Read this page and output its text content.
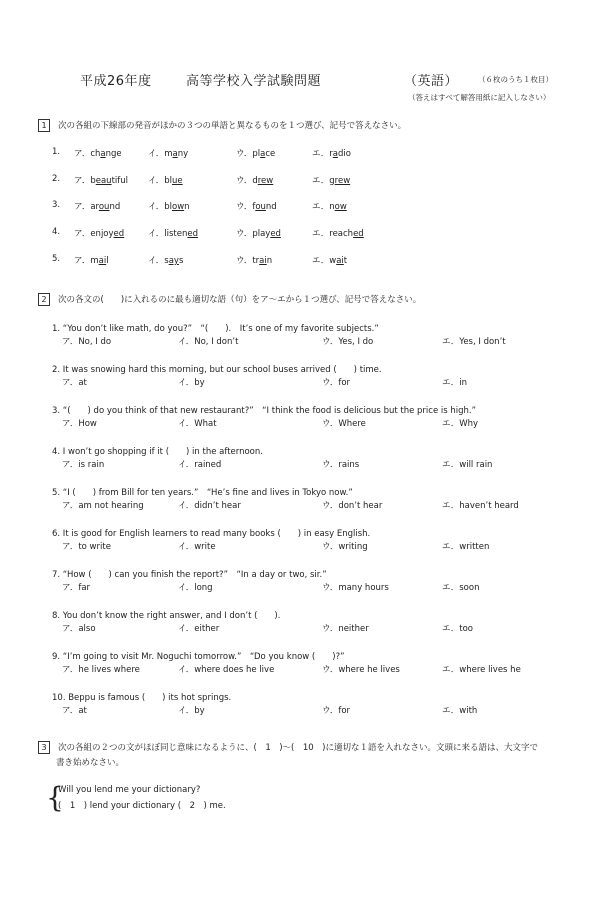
平成26年度	高等学校入学試験問題	（英語）	（６枚のうち１枚目）
（答えはすべて解答用紙に記入しなさい）
1 次の各組の下線部の発音がほかの３つの単語と異なるものを１つ選び、記号で答えなさい。
1. ア．change	イ．many	ウ．place	エ．radio
2. ア．beautiful イ．blue	ウ．drew	エ．grew
3. ア．around	イ．blown	ウ．found	エ．now
4. ア．enjoyed	イ．listened	ウ．played	エ．reached
5. ア．mail	イ．says	ウ．train	エ．wait
2 次の各文の(　　)に入れるのに最も適切な語（句）をア～エから１つ選び、記号で答えなさい。
1. “You don’t like math, do you?”　“(　　).　It’s one of my favorite subjects.”
ア．No, I do	イ．No, I don’t	ウ．Yes, I do	エ．Yes, I don’t
2. It was snowing hard this morning, but our school buses arrived (　　) time.
ア．at	イ．by	ウ．for	エ．in
3. “(　　) do you think of that new restaurant?”　“I think the food is delicious but the price is high.”
ア．How	イ．What	ウ．Where	エ．Why
4. I won’t go shopping if it (　　) in the afternoon.
ア．is rain	イ．rained	ウ．rains	エ．will rain
5. “I (　　) from Bill for ten years.”　“He’s fine and lives in Tokyo now.”
ア．am not hearing	イ．didn’t hear	ウ．don’t hear	エ．haven’t heard
6. It is good for English learners to read many books (　　) in easy English.
ア．to write	イ．write	ウ．writing	エ．written
7. “How (　　) can you finish the report?”　“In a day or two, sir.”
ア．far	イ．long	ウ．many hours	エ．soon
8. You don’t know the right answer, and I don’t (　　).
ア．also	イ．either	ウ．neither	エ．too
9. “I’m going to visit Mr. Noguchi tomorrow.”　“Do you know (　　)?”
ア．he lives where	イ．where does he live	ウ．where he lives	エ．where lives he
10. Beppu is famous (　　) its hot springs.
ア．at	イ．by	ウ．for	エ．with
3 次の各組の２つの文がほぼ同じ意味になるように、(　1　)～(　10　)に適切な１語を入れなさい。文頭に来る語は、大文字で
書き始めなさい。
{
Will you lend me your dictionary?
(　1　) lend your dictionary (　2　) me.
